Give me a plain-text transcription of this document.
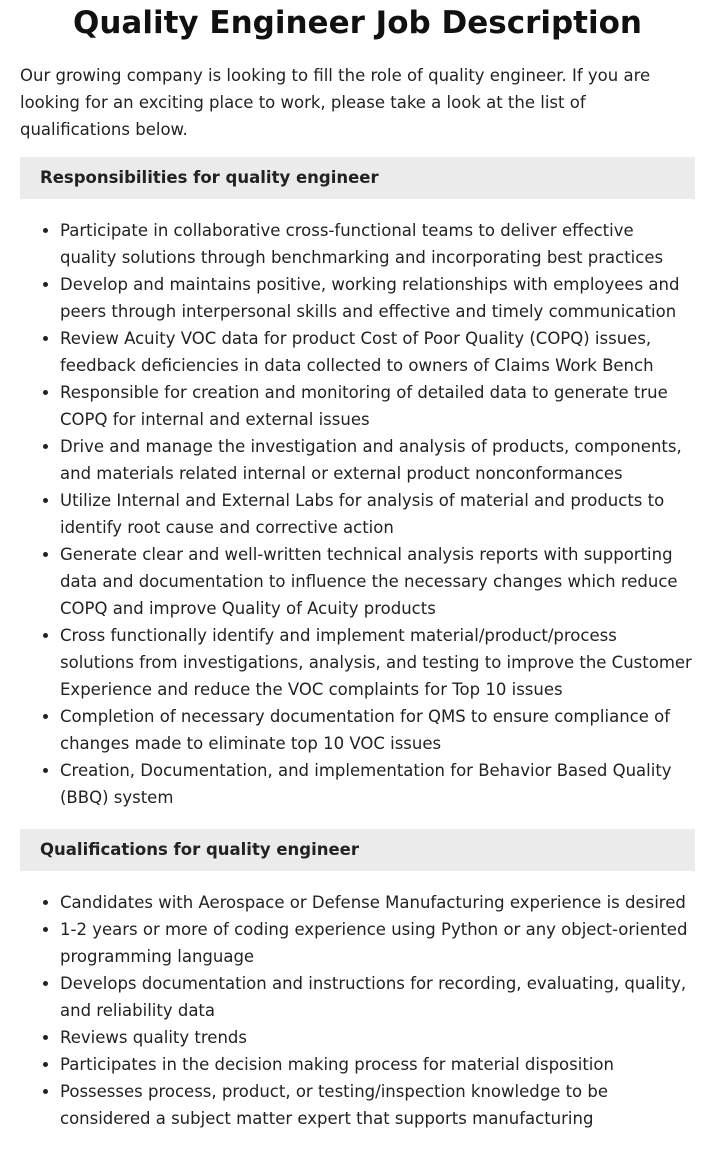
Quality Engineer Job Description

Our growing company is looking to fill the role of quality engineer. If you are looking for an exciting place to work, please take a look at the list of qualifications below.

Responsibilities for quality engineer
• Participate in collaborative cross-functional teams to deliver effective quality solutions through benchmarking and incorporating best practices
• Develop and maintains positive, working relationships with employees and peers through interpersonal skills and effective and timely communication
• Review Acuity VOC data for product Cost of Poor Quality (COPQ) issues, feedback deficiencies in data collected to owners of Claims Work Bench
• Responsible for creation and monitoring of detailed data to generate true COPQ for internal and external issues
• Drive and manage the investigation and analysis of products, components, and materials related internal or external product nonconformances
• Utilize Internal and External Labs for analysis of material and products to identify root cause and corrective action
• Generate clear and well-written technical analysis reports with supporting data and documentation to influence the necessary changes which reduce COPQ and improve Quality of Acuity products
• Cross functionally identify and implement material/product/process solutions from investigations, analysis, and testing to improve the Customer Experience and reduce the VOC complaints for Top 10 issues
• Completion of necessary documentation for QMS to ensure compliance of changes made to eliminate top 10 VOC issues
• Creation, Documentation, and implementation for Behavior Based Quality (BBQ) system
Qualifications for quality engineer
• Candidates with Aerospace or Defense Manufacturing experience is desired
• 1-2 years or more of coding experience using Python or any object-oriented programming language
• Develops documentation and instructions for recording, evaluating, quality, and reliability data
• Reviews quality trends
• Participates in the decision making process for material disposition
• Possesses process, product, or testing/inspection knowledge to be considered a subject matter expert that supports manufacturing
